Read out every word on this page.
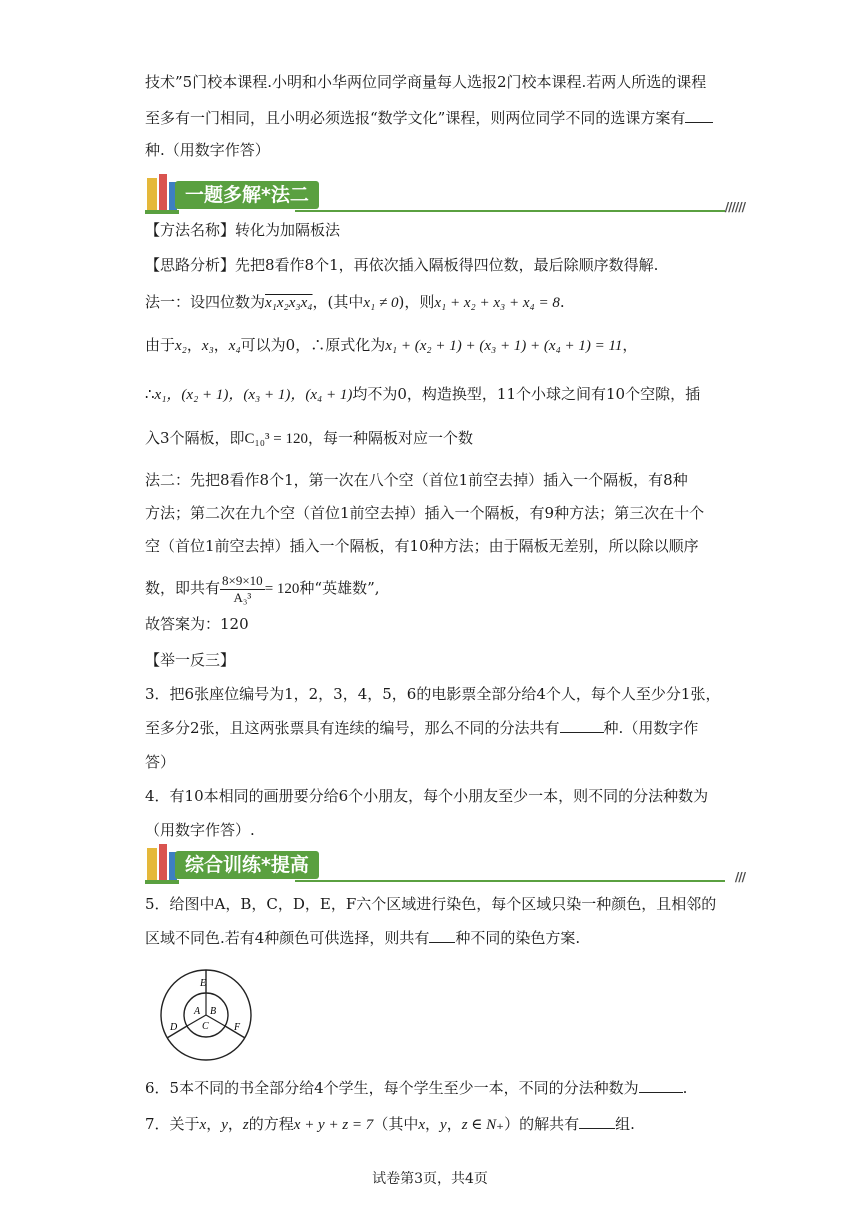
技术”5门校本课程.小明和小华两位同学商量每人选报2门校本课程.若两人所选的课程
至多有一门相同，且小明必须选报“数学文化”课程，则两位同学不同的选课方案有
种.（用数字作答）
一题多解*法二
//////
【方法名称】转化为加隔板法
【思路分析】先把8看作8个1，再依次插入隔板得四位数，最后除顺序数得解.
法一：设四位数为x₁x₂x₃x₄，(其中x₁ ≠ 0)，则x₁ + x₂ + x₃ + x₄ = 8.
由于x₂，x₃，x₄可以为0，∴原式化为x₁ + (x₂ + 1) + (x₃ + 1) + (x₄ + 1) = 11，
∴x₁，(x₂ + 1)，(x₃ + 1)，(x₄ + 1)均不为0，构造换型，11个小球之间有10个空隙，插
入3个隔板，即C₁₀³ = 120，每一种隔板对应一个数
法二：先把8看作8个1，第一次在八个空（首位1前空去掉）插入一个隔板，有8种
方法；第二次在九个空（首位1前空去掉）插入一个隔板，有9种方法；第三次在十个
空（首位1前空去掉）插入一个隔板，有10种方法；由于隔板无差别，所以除以顺序
数，即共有 $\frac{8\times 9\times 10}{\text{A₃³}} = 120$种“英雄数”,
故答案为：120
【举一反三】
3．把6张座位编号为1，2，3，4，5，6的电影票全部分给4个人，每个人至少分1张，
至多分2张，且这两张票具有连续的编号，那么不同的分法共有	种.（用数字作
答）
4．有10本相同的画册要分给6个小朋友，每个小朋友至少一本，则不同的分法种数为
（用数字作答）.
综合训练*提高
///
5．给图中A，B，C，D，E，F六个区域进行染色，每个区域只染一种颜色，且相邻的
区域不同色.若有4种颜色可供选择，则共有 种不同的染色方案.
A B
C
D
E
F
6．5本不同的书全部分给4个学生，每个学生至少一本，不同的分法种数为	.
7．关于x，y，z的方程x + y + z = 7（其中x，y，z ∈ N₊）的解共有 组.
试卷第3页，共4页
